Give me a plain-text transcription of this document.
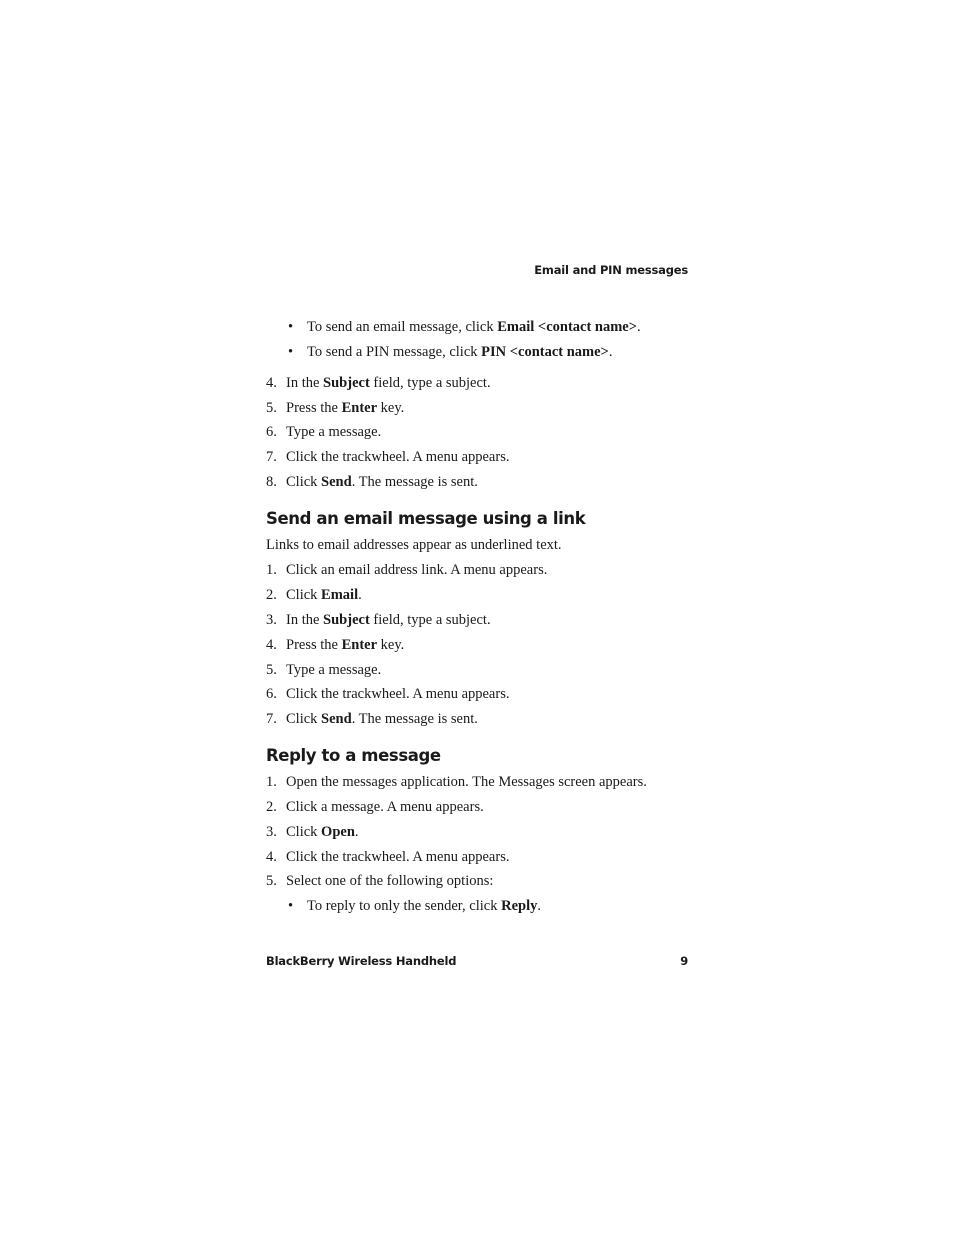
Email and PIN messages
• To send an email message, click Email <contact name>.
• To send a PIN message, click PIN <contact name>.
4. In the Subject field, type a subject.
5. Press the Enter key.
6. Type a message.
7. Click the trackwheel. A menu appears.
8. Click Send. The message is sent.
Send an email message using a link
Links to email addresses appear as underlined text.
1. Click an email address link. A menu appears.
2. Click Email.
3. In the Subject field, type a subject.
4. Press the Enter key.
5. Type a message.
6. Click the trackwheel. A menu appears.
7. Click Send. The message is sent.
Reply to a message
1. Open the messages application. The Messages screen appears.
2. Click a message. A menu appears.
3. Click Open.
4. Click the trackwheel. A menu appears.
5. Select one of the following options:
• To reply to only the sender, click Reply.
BlackBerry Wireless Handheld	9
